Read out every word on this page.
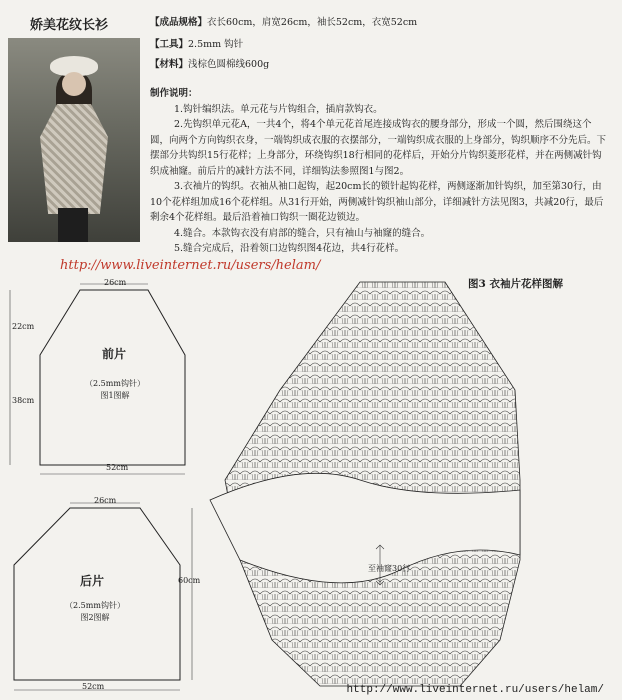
娇美花纹长衫	【成品规格】衣长60cm，肩宽26cm，袖长52cm，衣宽52cm
【工具】2.5mm 钩针
【材料】浅棕色圆棉线600g
制作说明：

1.钩针编织法。单元花与片钩组合，插肩款钩衣。

2.先钩织单元花A，一共4个，将4个单元花首尾连接成钩衣的腰身部分，形成一个圆，然后围绕这个圆，向两个方向钩织衣身，一端钩织成衣服的衣摆部分，一端钩织成衣服的上身部分，钩织顺序不分先后。下摆部分共钩织15行花样；上身部分，环绕钩织18行相同的花样后，开始分片钩织菱形花样，并在两侧减针钩织成袖窿。前后片的减针方法不同，详细钩法参照图1与图2。

3.衣袖片的钩织。衣袖从袖口起钩，起20cm长的锁针起钩花样，两侧逐渐加针钩织，加至第30行，由10个花样组加成16个花样组。从31行开始，两侧减针钩织袖山部分，详细减针方法见图3，共减20行，最后剩余4个花样组。最后沿着袖口钩织一圈花边锁边。

4.缝合。本款钩衣没有肩部的缝合，只有袖山与袖窿的缝合。

5.缝合完成后，沿着领口边钩织图4花边，共4行花样。

http://www.liveinternet.ru/users/helam/
图3 衣袖片花样图解
26cm
22cm
38cm
52cm
前片
（2.5mm钩针）
图1图解
26cm
60cm
52cm
后片
（2.5mm钩针）
图2图解
至袖窿30行
http://www.liveinternet.ru/users/helam/
